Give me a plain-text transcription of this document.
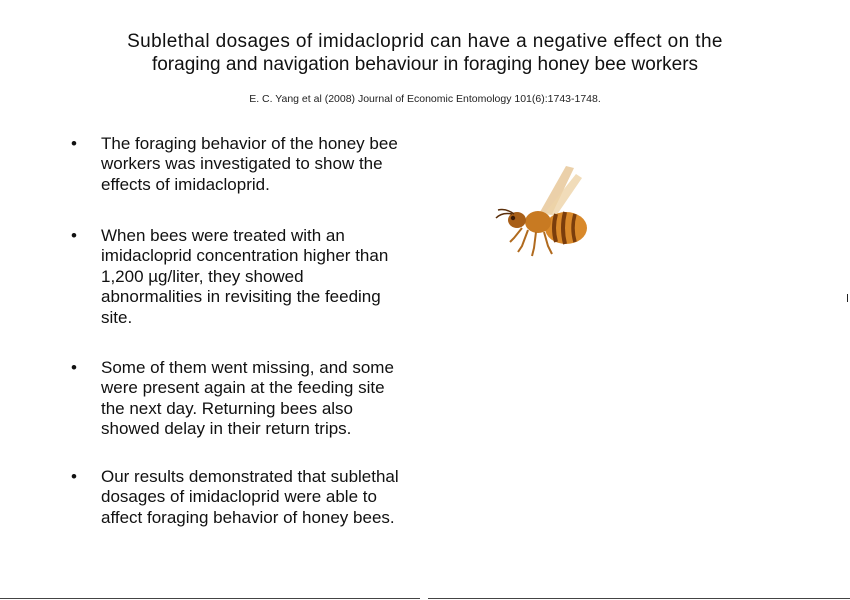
Sublethal dosages of imidacloprid can have a negative effect on the
foraging and navigation behaviour in foraging honey bee workers
E. C. Yang et al (2008) Journal of Economic Entomology 101(6):1743-1748.
• The foraging behavior of the honey bee workers was investigated to show the effects of imidacloprid.
• When bees were treated with an imidacloprid concentration higher than 1,200 µg/liter, they showed abnormalities in revisiting the feeding site.
• Some of them went missing, and some were present again at the feeding site the next day. Returning bees also showed delay in their return trips.
• Our results demonstrated that sublethal dosages of imidacloprid were able to affect foraging behavior of honey bees.
